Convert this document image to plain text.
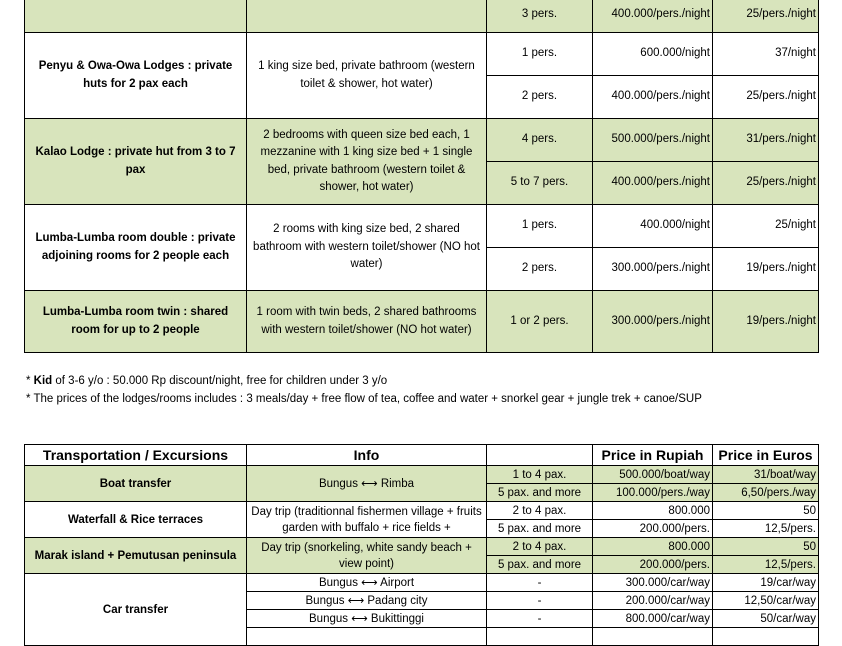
		3 pers.	400.000/pers./night	25/pers./night
Penyu & Owa-Owa Lodges : private huts for 2 pax each	1 king size bed, private bathroom (western toilet & shower, hot water)	1 pers.	600.000/night	37/night
		2 pers.	400.000/pers./night	25/pers./night
Kalao Lodge : private hut from 3 to 7 pax	2 bedrooms with queen size bed each, 1 mezzanine with 1 king size bed + 1 single bed, private bathroom (western toilet & shower, hot water)	4 pers.	500.000/pers./night	31/pers./night
		5 to 7 pers.	400.000/pers./night	25/pers./night
Lumba-Lumba room double : private adjoining rooms for 2 people each	2 rooms with king size bed, 2 shared bathroom with western toilet/shower (NO hot water)	1 pers.	400.000/night	25/night
		2 pers.	300.000/pers./night	19/pers./night
Lumba-Lumba room twin : shared room for up to 2 people	1 room with twin beds, 2 shared bathrooms with western toilet/shower (NO hot water)	1 or 2 pers.	300.000/pers./night	19/pers./night
* Kid of 3-6 y/o : 50.000 Rp discount/night, free for children under 3 y/o
* The prices of the lodges/rooms includes : 3 meals/day + free flow of tea, coffee and water + snorkel gear + jungle trek + canoe/SUP
Transportation / Excursions	Info		Price in Rupiah	Price in Euros
Boat transfer	Bungus ⟷ Rimba	1 to 4 pax.	500.000/boat/way	31/boat/way
		5 pax. and more	100.000/pers./way	6,50/pers./way
Waterfall & Rice terraces	Day trip (traditionnal fishermen village + fruits garden with buffalo + rice fields +	2 to 4 pax.	800.000	50
		5 pax. and more	200.000/pers.	12,5/pers.
Marak island + Pemutusan peninsula	Day trip (snorkeling, white sandy beach + view point)	2 to 4 pax.	800.000	50
		5 pax. and more	200.000/pers.	12,5/pers.
Car transfer	Bungus ⟷ Airport	-	300.000/car/way	19/car/way
	Bungus ⟷ Padang city	-	200.000/car/way	12,50/car/way
	Bungus ⟷ Bukittinggi	-	800.000/car/way	50/car/way
